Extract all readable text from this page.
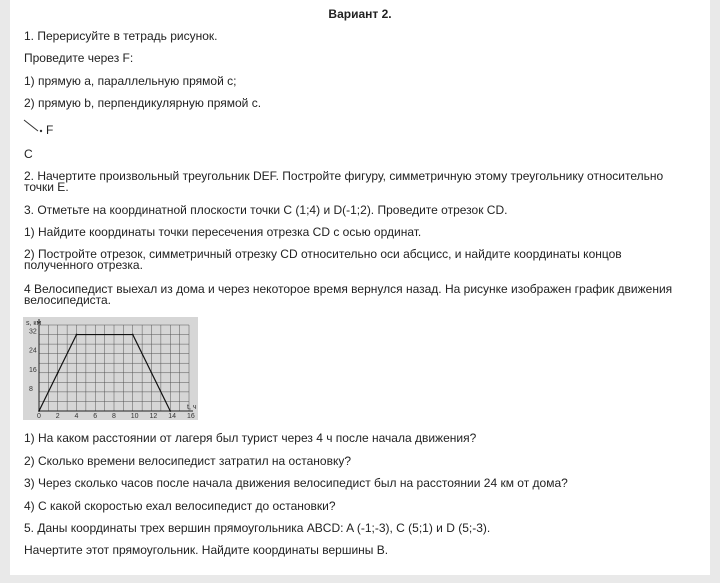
Вариант 2.
1. Перерисуйте в тетрадь рисунок.
Проведите через F:
1) прямую а, параллельную прямой с;
2) прямую b, перпендикулярную прямой с.
F
C
2. Начертите произвольный треугольник DEF. Постройте фигуру, симметричную этому треугольнику относительно точки E.
3. Отметьте на координатной плоскости точки С (1;4) и D(-1;2). Проведите отрезок CD.
1) Найдите координаты точки пересечения отрезка CD с осью ординат.
2) Постройте отрезок, симметричный отрезку CD относительно оси абсцисс, и найдите координаты концов полученного отрезка.
4 Велосипедист выехал из дома и через некоторое время вернулся назад. На рисунке изображен график движения велосипедиста.
0 2 4 6 8 10 12 14 16
8
16
24
32
s, км
t, ч
1) На каком расстоянии от лагеря был турист через 4 ч после начала движения?
2) Сколько времени велосипедист затратил на остановку?
3) Через сколько часов после начала движения велосипедист был на расстоянии 24 км от дома?
4) С какой скоростью ехал велосипедист до остановки?
5. Даны координаты трех вершин прямоугольника ABCD: A (-1;-3), C (5;1) и D (5;-3).
Начертите этот прямоугольник. Найдите координаты вершины В.
